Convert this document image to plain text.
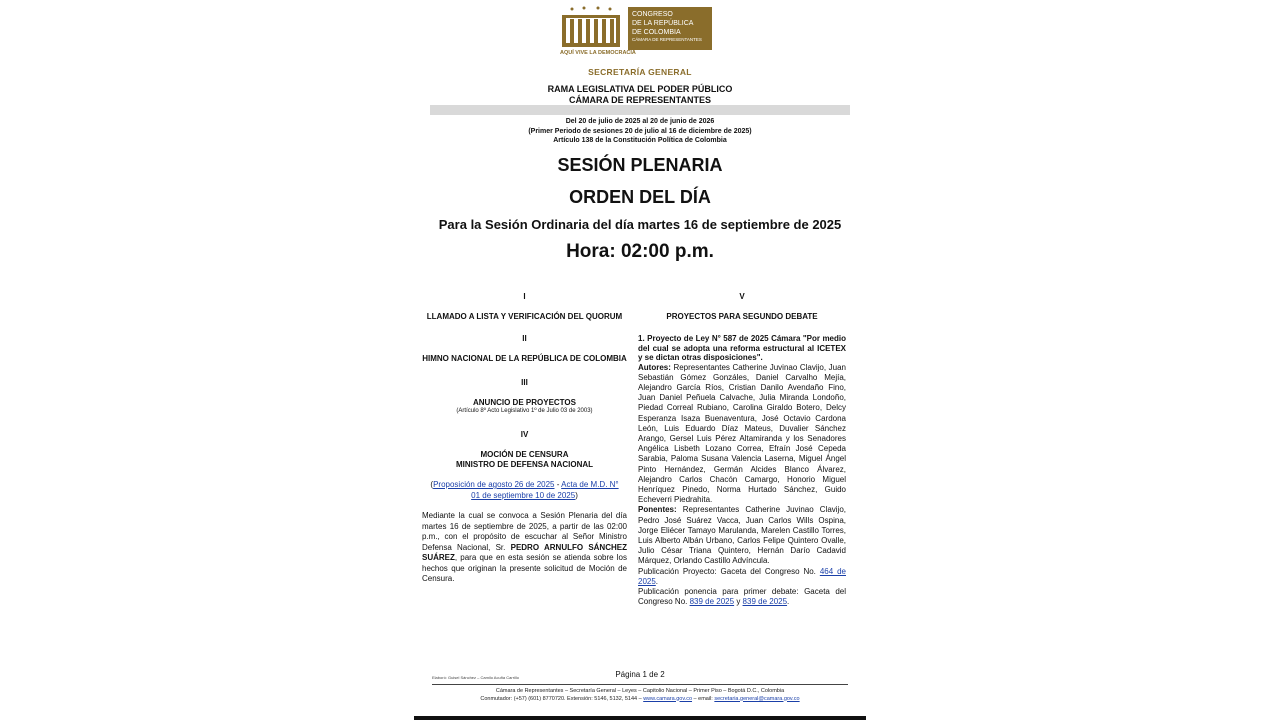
CONGRESO
DE LA REPÚBLICA
DE COLOMBIA
CÁMARA DE REPRESENTANTES
AQUÍ VIVE LA DEMOCRACIA

SECRETARÍA GENERAL

RAMA LEGISLATIVA DEL PODER PÚBLICO
CÁMARA DE REPRESENTANTES
Del 20 de julio de 2025 al 20 de junio de 2026
(Primer Periodo de sesiones 20 de julio al 16 de diciembre de 2025)
Artículo 138 de la Constitución Política de Colombia

SESIÓN PLENARIA

ORDEN DEL DÍA

Para la Sesión Ordinaria del día martes 16 de septiembre de 2025

Hora: 02:00 p.m.

I

LLAMADO A LISTA Y VERIFICACIÓN DEL QUORUM

II

HIMNO NACIONAL DE LA REPÚBLICA DE COLOMBIA

III

ANUNCIO DE PROYECTOS

(Artículo 8º Acto Legislativo 1º de Julio 03 de 2003)

IV

MOCIÓN DE CENSURA

MINISTRO DE DEFENSA NACIONAL

(Proposición de agosto 26 de 2025 - Acta de M.D. N° 01 de septiembre 10 de 2025)

Mediante la cual se convoca a Sesión Plenaria del día martes 16 de septiembre de 2025, a partir de las 02:00 p.m., con el propósito de escuchar al Señor Ministro Defensa Nacional, Sr. PEDRO ARNULFO SÁNCHEZ SUÁREZ, para que en esta sesión se atienda sobre los hechos que originan la presente solicitud de Moción de Censura.

V

PROYECTOS PARA SEGUNDO DEBATE

1. Proyecto de Ley N° 587 de 2025 Cámara "Por medio del cual se adopta una reforma estructural al ICETEX y se dictan otras disposiciones".

Autores: Representantes Catherine Juvinao Clavijo, Juan Sebastián Gómez Gonzáles, Daniel Carvalho Mejía, Alejandro García Ríos, Cristian Danilo Avendaño Fino, Juan Daniel Peñuela Calvache, Julia Miranda Londoño, Piedad Correal Rubiano, Carolina Giraldo Botero, Delcy Esperanza Isaza Buenaventura, José Octavio Cardona León, Luis Eduardo Díaz Mateus, Duvalier Sánchez Arango, Gersel Luis Pérez Altamiranda y los Senadores Angélica Lisbeth Lozano Correa, Efraín José Cepeda Sarabia, Paloma Susana Valencia Laserna, Miguel Ángel Pinto Hernández, Germán Alcides Blanco Álvarez, Alejandro Carlos Chacón Camargo, Honorio Miguel Henríquez Pinedo, Norma Hurtado Sánchez, Guido Echeverri Piedrahita.

Ponentes: Representantes Catherine Juvinao Clavijo, Pedro José Suárez Vacca, Juan Carlos Wills Ospina, Jorge Eliécer Tamayo Marulanda, Marelen Castillo Torres, Luis Alberto Albán Urbano, Carlos Felipe Quintero Ovalle, Julio César Triana Quintero, Hernán Darío Cadavid Márquez, Orlando Castillo Advíncula.

Publicación Proyecto: Gaceta del Congreso No. 464 de 2025.

Publicación ponencia para primer debate: Gaceta del Congreso No. 839 de 2025 y 839 de 2025.

Página 1 de 2
Elaboró: Guisel Sánchez – Camilo Acuña Carrillo
Cámara de Representantes – Secretaría General – Leyes – Capitolio Nacional – Primer Piso – Bogotá D.C., Colombia
Conmutador: (+57) (601) 8770720. Extensión: 5146, 5132, 5144 – www.camara.gov.co – email: secretaria.general@camara.gov.co
